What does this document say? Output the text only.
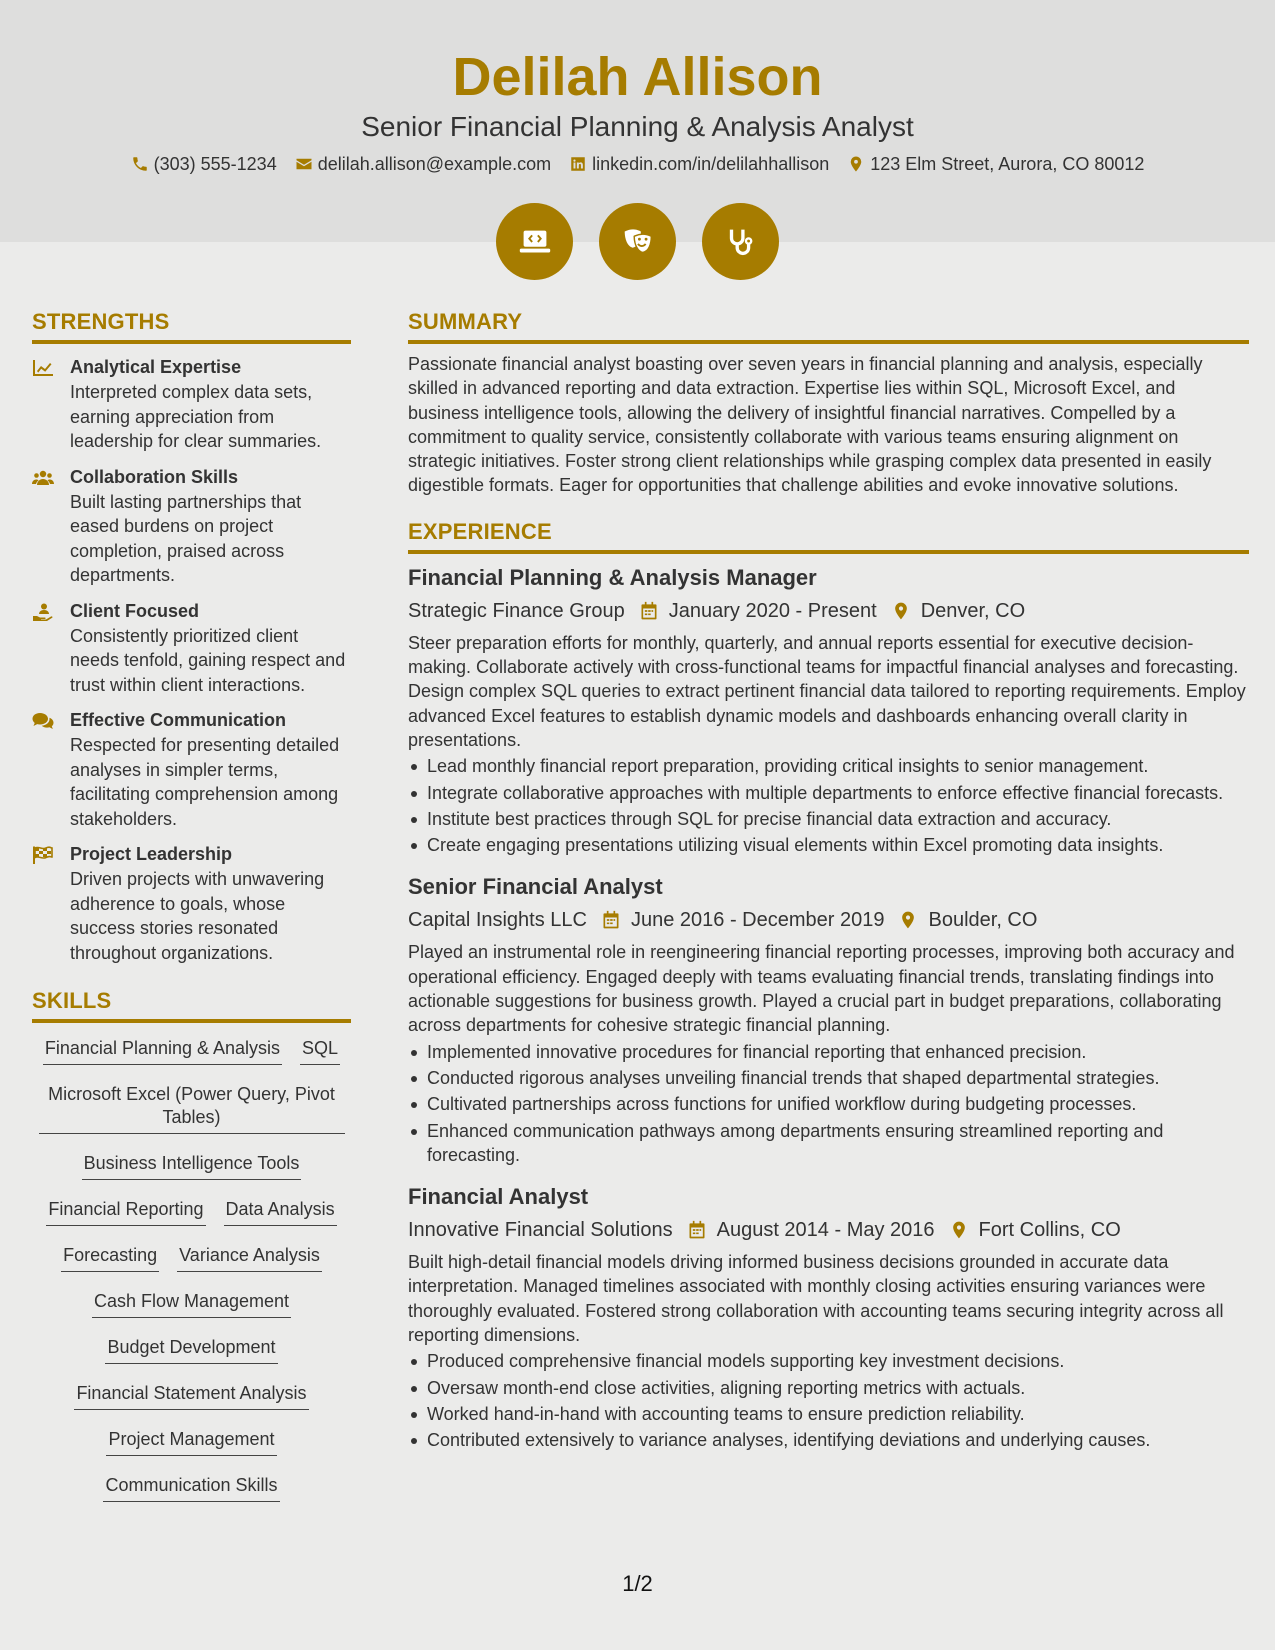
Delilah Allison
Senior Financial Planning & Analysis Analyst
(303) 555-1234 delilah.allison@example.com linkedin.com/in/delilahhallison 123 Elm Street, Aurora, CO 80012
STRENGTHS
Analytical Expertise
Interpreted complex data sets, earning appreciation from leadership for clear summaries.
Collaboration Skills
Built lasting partnerships that eased burdens on project completion, praised across departments.
Client Focused
Consistently prioritized client needs tenfold, gaining respect and trust within client interactions.
Effective Communication
Respected for presenting detailed analyses in simpler terms, facilitating comprehension among stakeholders.
Project Leadership
Driven projects with unwavering adherence to goals, whose success stories resonated throughout organizations.
SKILLS
Financial Planning & Analysis SQL
Microsoft Excel (Power Query, Pivot Tables)
Business Intelligence Tools
Financial Reporting Data Analysis
Forecasting Variance Analysis
Cash Flow Management
Budget Development
Financial Statement Analysis
Project Management
Communication Skills
SUMMARY
Passionate financial analyst boasting over seven years in financial planning and analysis, especially skilled in advanced reporting and data extraction. Expertise lies within SQL, Microsoft Excel, and business intelligence tools, allowing the delivery of insightful financial narratives. Compelled by a commitment to quality service, consistently collaborate with various teams ensuring alignment on strategic initiatives. Foster strong client relationships while grasping complex data presented in easily digestible formats. Eager for opportunities that challenge abilities and evoke innovative solutions.
EXPERIENCE
Financial Planning & Analysis Manager
Strategic Finance Group January 2020 - Present Denver, CO
Steer preparation efforts for monthly, quarterly, and annual reports essential for executive decision-making. Collaborate actively with cross-functional teams for impactful financial analyses and forecasting. Design complex SQL queries to extract pertinent financial data tailored to reporting requirements. Employ advanced Excel features to establish dynamic models and dashboards enhancing overall clarity in presentations.
Lead monthly financial report preparation, providing critical insights to senior management.
Integrate collaborative approaches with multiple departments to enforce effective financial forecasts.
Institute best practices through SQL for precise financial data extraction and accuracy.
Create engaging presentations utilizing visual elements within Excel promoting data insights.
Senior Financial Analyst
Capital Insights LLC June 2016 - December 2019 Boulder, CO
Played an instrumental role in reengineering financial reporting processes, improving both accuracy and operational efficiency. Engaged deeply with teams evaluating financial trends, translating findings into actionable suggestions for business growth. Played a crucial part in budget preparations, collaborating across departments for cohesive strategic financial planning.
Implemented innovative procedures for financial reporting that enhanced precision.
Conducted rigorous analyses unveiling financial trends that shaped departmental strategies.
Cultivated partnerships across functions for unified workflow during budgeting processes.
Enhanced communication pathways among departments ensuring streamlined reporting and forecasting.
Financial Analyst
Innovative Financial Solutions August 2014 - May 2016 Fort Collins, CO
Built high-detail financial models driving informed business decisions grounded in accurate data interpretation. Managed timelines associated with monthly closing activities ensuring variances were thoroughly evaluated. Fostered strong collaboration with accounting teams securing integrity across all reporting dimensions.
Produced comprehensive financial models supporting key investment decisions.
Oversaw month-end close activities, aligning reporting metrics with actuals.
Worked hand-in-hand with accounting teams to ensure prediction reliability.
Contributed extensively to variance analyses, identifying deviations and underlying causes.
1/2
